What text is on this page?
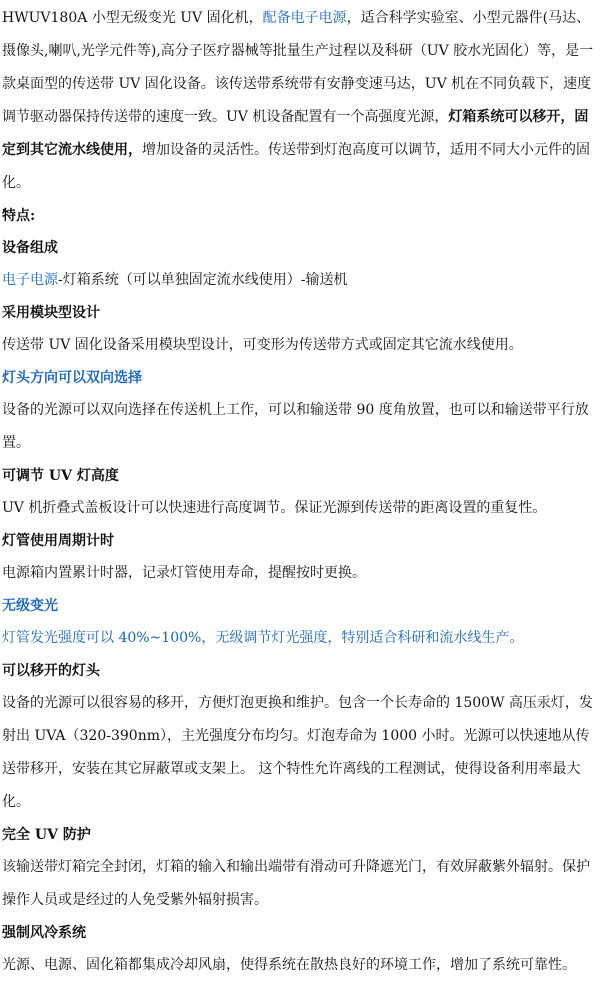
HWUV180A 小型无级变光 UV 固化机，配备电子电源，适合科学实验室、小型元器件(马达、摄像头,喇叭,光学元件等),高分子医疗器械等批量生产过程以及科研（UV 胶水光固化）等，是一款桌面型的传送带 UV 固化设备。该传送带系统带有安静变速马达，UV 机在不同负载下，速度调节驱动器保持传送带的速度一致。UV 机设备配置有一个高强度光源，灯箱系统可以移开，固定到其它流水线使用，增加设备的灵活性。传送带到灯泡高度可以调节，适用不同大小元件的固化。

特点:
设备组成

电子电源-灯箱系统（可以单独固定流水线使用）-输送机

采用模块型设计

传送带 UV 固化设备采用模块型设计，可变形为传送带方式或固定其它流水线使用。

灯头方向可以双向选择

设备的光源可以双向选择在传送机上工作，可以和输送带 90 度角放置，也可以和输送带平行放置。

可调节 UV 灯高度

UV 机折叠式盖板设计可以快速进行高度调节。保证光源到传送带的距离设置的重复性。

灯管使用周期计时

电源箱内置累计时器，记录灯管使用寿命，提醒按时更换。

无级变光

灯管发光强度可以 40%~100%，无级调节灯光强度，特别适合科研和流水线生产。

可以移开的灯头

设备的光源可以很容易的移开，方便灯泡更换和维护。包含一个长寿命的 1500W 高压汞灯，发射出 UVA（320-390nm），主光强度分布均匀。灯泡寿命为 1000 小时。光源可以快速地从传送带移开，安装在其它屏蔽罩或支架上。 这个特性允许离线的工程测试，使得设备利用率最大化。

完全 UV 防护

该输送带灯箱完全封闭，灯箱的输入和输出端带有滑动可升降遮光门，有效屏蔽紫外辐射。保护操作人员或是经过的人免受紫外辐射损害。

强制风冷系统

光源、电源、固化箱都集成冷却风扇，使得系统在散热良好的环境工作，增加了系统可靠性。
